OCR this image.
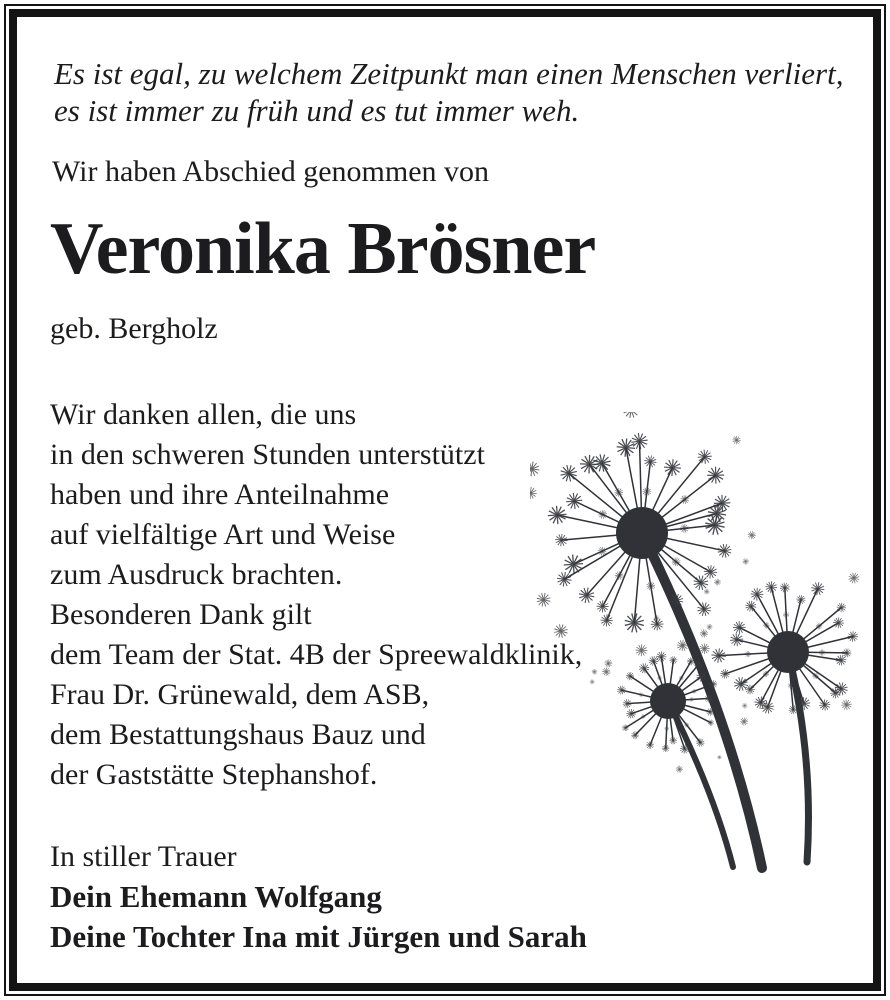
Es ist egal, zu welchem Zeitpunkt man einen Menschen verliert,
es ist immer zu früh und es tut immer weh.

Wir haben Abschied genommen von

Veronika Brösner

geb. Bergholz

Wir danken allen, die uns
in den schweren Stunden unterstützt
haben und ihre Anteilnahme
auf vielfältige Art und Weise
zum Ausdruck brachten.
Besonderen Dank gilt
dem Team der Stat. 4B der Spreewaldklinik,
Frau Dr. Grünewald, dem ASB,
dem Bestattungshaus Bauz und
der Gaststätte Stephanshof.
In stiller Trauer
Dein Ehemann Wolfgang
Deine Tochter Ina mit Jürgen und Sarah
